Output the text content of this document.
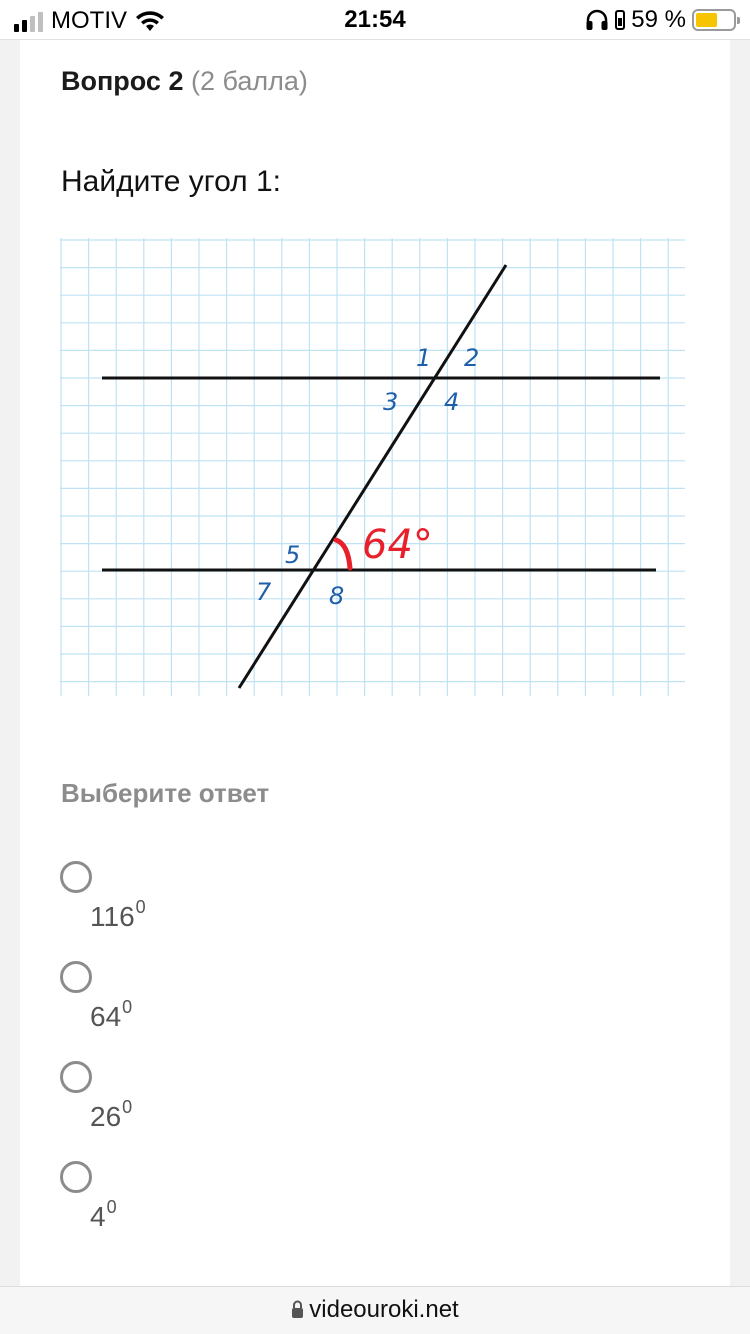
MOTIV	21:54	59 %
Вопрос 2 (2 балла)
Найдите угол 1:
1 2
3 4
5
7 8
64°
Выберите ответ
$116^0$
$64^0$
$26^0$
$4^0$
videouroki.net
